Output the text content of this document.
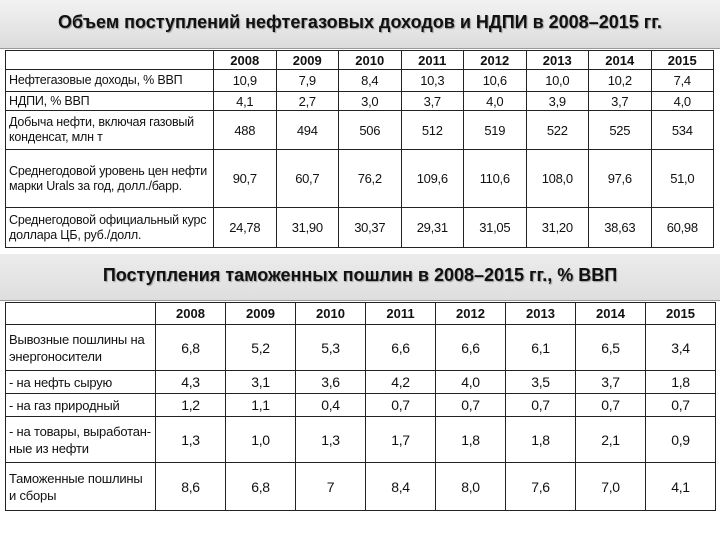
Объем поступлений нефтегазовых доходов и НДПИ в 2008–2015 гг.
Поступления таможенных пошлин в 2008–2015 гг., % ВВП
	2008	2009	2010	2011	2012	2013	2014	2015
Нефтегазовые доходы, % ВВП	10,9	7,9	8,4	10,3	10,6	10,0	10,2	7,4
НДПИ, % ВВП	4,1	2,7	3,0	3,7	4,0	3,9	3,7	4,0
Добыча нефти, включая газовый конденсат, млн т	488	494	506	512	519	522	525	534
Среднегодовой уровень цен нефти марки Urals за год, долл./барр.	90,7	60,7	76,2	109,6	110,6	108,0	97,6	51,0
Среднегодовой официальный курс доллара ЦБ, руб./долл.	24,78	31,90	30,37	29,31	31,05	31,20	38,63	60,98
	2008	2009	2010	2011	2012	2013	2014	2015
Вывозные пошлины на энергоносители	6,8	5,2	5,3	6,6	6,6	6,1	6,5	3,4
- на нефть сырую	4,3	3,1	3,6	4,2	4,0	3,5	3,7	1,8
- на газ природный	1,2	1,1	0,4	0,7	0,7	0,7	0,7	0,7
- на товары, выработан- ные из нефти	1,3	1,0	1,3	1,7	1,8	1,8	2,1	0,9
Таможенные пошлины и сборы	8,6	6,8	7	8,4	8,0	7,6	7,0	4,1
